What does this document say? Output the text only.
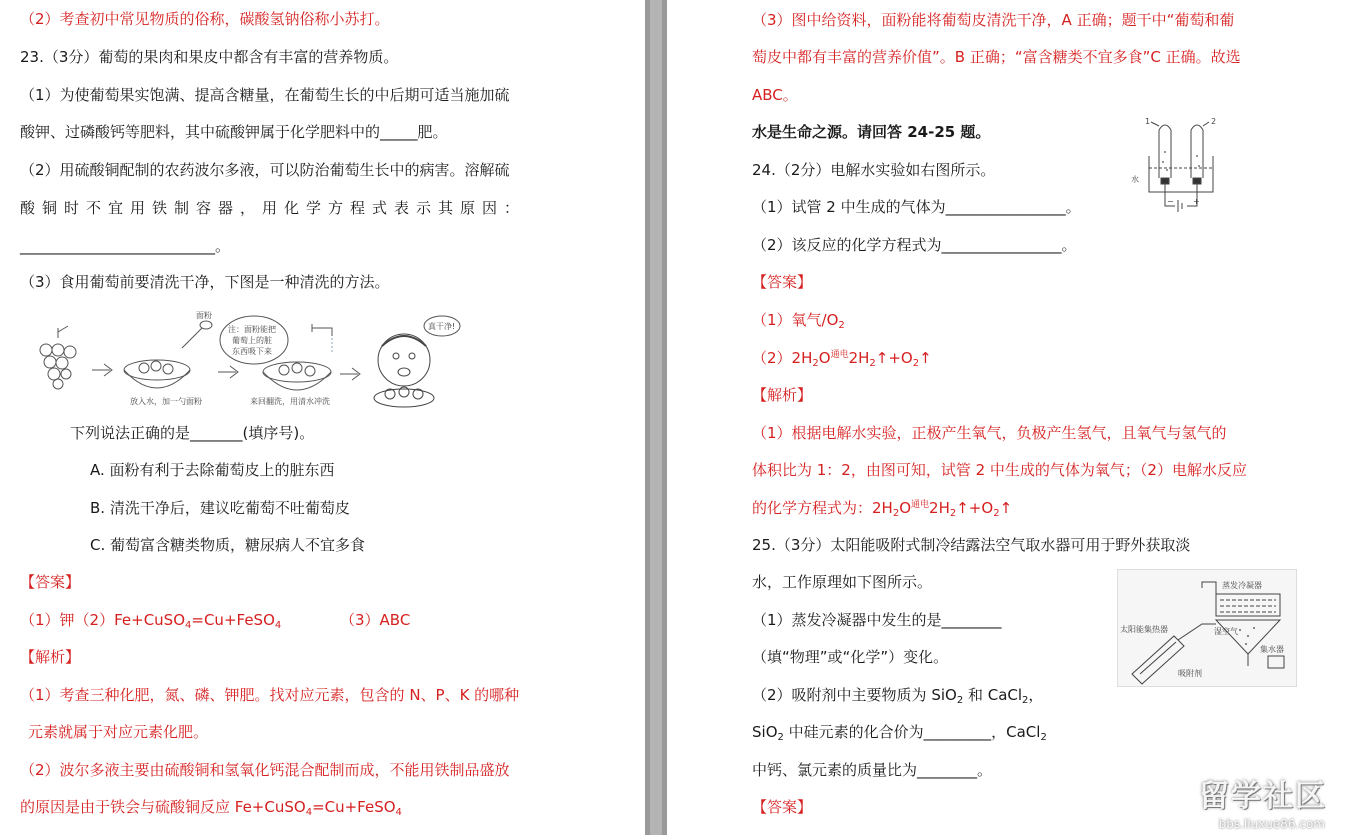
（2）考查初中常见物质的俗称，碳酸氢钠俗称小苏打。
23.（3分）葡萄的果肉和果皮中都含有丰富的营养物质。
（1）为使葡萄果实饱满、提高含糖量，在葡萄生长的中后期可适当施加硫
酸钾、过磷酸钙等肥料，其中硫酸钾属于化学肥料中的_____肥。
（2）用硫酸铜配制的农药波尔多液，可以防治葡萄生长中的病害。溶解硫
酸铜时不宜用铁制容器，用化学方程式表示其原因：
__________________________。
（3）食用葡萄前要清洗干净，下图是一种清洗的方法。
面粉
放入水，加一勺面粉
注：面粉能把
葡萄上的脏
东西吸下来
来回翻洗，用清水冲洗
真干净!
下列说法正确的是_______(填序号)。
A. 面粉有利于去除葡萄皮上的脏东西
B. 清洗干净后，建议吃葡萄不吐葡萄皮
C. 葡萄富含糖类物质，糖尿病人不宜多食
【答案】
（1）钾（2）Fe+CuSO$_4$=Cu+FeSO$_4$	（3）ABC
【解析】
（1）考查三种化肥，氮、磷、钾肥。找对应元素，包含的 N、P、K 的哪种
元素就属于对应元素化肥。
（2）波尔多液主要由硫酸铜和氢氧化钙混合配制而成，不能用铁制品盛放
的原因是由于铁会与硫酸铜反应 Fe+CuSO$_4$=Cu+FeSO$_4$
（3）图中给资料，面粉能将葡萄皮清洗干净，A 正确；题干中“葡萄和葡
萄皮中都有丰富的营养价值”。B 正确；“富含糖类不宜多食”C 正确。故选
ABC。
水是生命之源。请回答 24-25 题。
24.（2分）电解水实验如右图所示。
（1）试管 2 中生成的气体为________________。
（2）该反应的化学方程式为________________。
1	2
水
− +
【答案】
（1）氧气$/O_2$
$(2)2H_2O^{通电}2H_2↑+O_2↑$
【解析】
（1）根据电解水实验，正极产生氧气，负极产生氢气，且氧气与氢气的
体积比为 1：2，由图可知，试管 2 中生成的气体为氧气；（2）电解水反应
的化学方程式为：$2H_2O^{通电}2H_2↑+O_2↑$
25.（3分）太阳能吸附式制冷结露法空气取水器可用于野外获取淡
水，工作原理如下图所示。
（1）蒸发冷凝器中发生的是________
（填“物理”或“化学”）变化。
（2）吸附剂中主要物质为 SiO$_2$ 和 CaCl$_2$，
SiO$_2$ 中硅元素的化合价为_________，CaCl$_2$
中钙、氯元素的质量比为________。
【答案】
蒸发冷凝器
太阳能集热器	湿空气
集水器
吸附剂
留学社区
bbs.liuxue86.com
